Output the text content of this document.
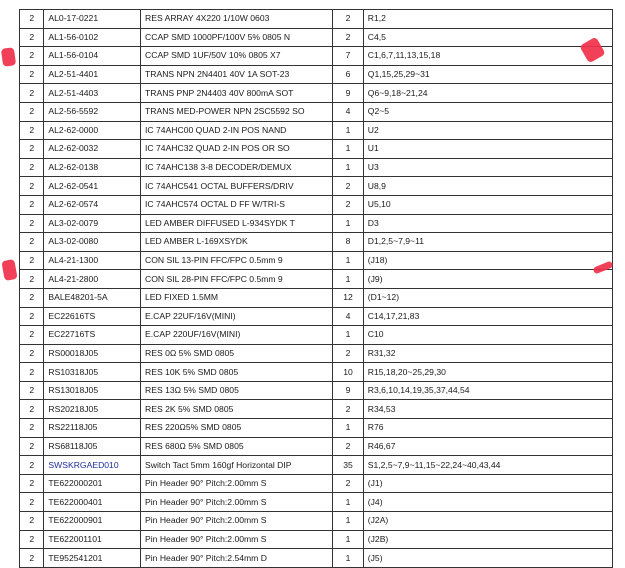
2	AL0-17-0221	RES ARRAY 4X220 1/10W 0603	2	R1,2
2	AL1-56-0102	CCAP SMD 1000PF/100V 5% 0805 N	2	C4,5
2	AL1-56-0104	CCAP SMD 1UF/50V 10% 0805 X7	7	C1,6,7,11,13,15,18
2	AL2-51-4401	TRANS NPN 2N4401 40V 1A SOT-23	6	Q1,15,25,29~31
2	AL2-51-4403	TRANS PNP 2N4403 40V 800mA SOT	9	Q6~9,18~21,24
2	AL2-56-5592	TRANS MED-POWER NPN 2SC5592 SO	4	Q2~5
2	AL2-62-0000	IC 74AHC00 QUAD 2-IN POS NAND	1	U2
2	AL2-62-0032	IC 74AHC32 QUAD 2-IN POS OR SO	1	U1
2	AL2-62-0138	IC 74AHC138 3-8 DECODER/DEMUX	1	U3
2	AL2-62-0541	IC 74AHC541 OCTAL BUFFERS/DRIV	2	U8,9
2	AL2-62-0574	IC 74AHC574 OCTAL D FF W/TRI-S	2	U5,10
2	AL3-02-0079	LED AMBER DIFFUSED L-934SYDK T	1	D3
2	AL3-02-0080	LED AMBER L-169XSYDK	8	D1,2,5~7,9~11
2	AL4-21-1300	CON SIL 13-PIN FFC/FPC 0.5mm 9	1	(J18)
2	AL4-21-2800	CON SIL 28-PIN FFC/FPC 0.5mm 9	1	(J9)
2	BALE48201-5A	LED FIXED 1.5MM	12	(D1~12)
2	EC22616TS	E.CAP 22UF/16V(MINI)	4	C14,17,21,83
2	EC22716TS	E.CAP 220UF/16V(MINI)	1	C10
2	RS00018J05	RES 0Ω 5% SMD 0805	2	R31,32
2	RS10318J05	RES 10K 5% SMD 0805	10	R15,18,20~25,29,30
2	RS13018J05	RES 13Ω 5% SMD 0805	9	R3,6,10,14,19,35,37,44,54
2	RS20218J05	RES 2K 5% SMD 0805	2	R34,53
2	RS22118J05	RES 220Ω5% SMD 0805	1	R76
2	RS68118J05	RES 680Ω 5% SMD 0805	2	R46,67
2	SWSKRGAED010	Switch Tact 5mm 160gf Horizontal DIP	35	S1,2,5~7,9~11,15~22,24~40,43,44
2	TE622000201	Pin Header 90° Pitch:2.00mm S	2	(J1)
2	TE622000401	Pin Header 90° Pitch:2.00mm S	1	(J4)
2	TE622000901	Pin Header 90° Pitch:2.00mm S	1	(J2A)
2	TE622001101	Pin Header 90° Pitch:2.00mm S	1	(J2B)
2	TE952541201	Pin Header 90° Pitch:2.54mm D	1	(J5)
